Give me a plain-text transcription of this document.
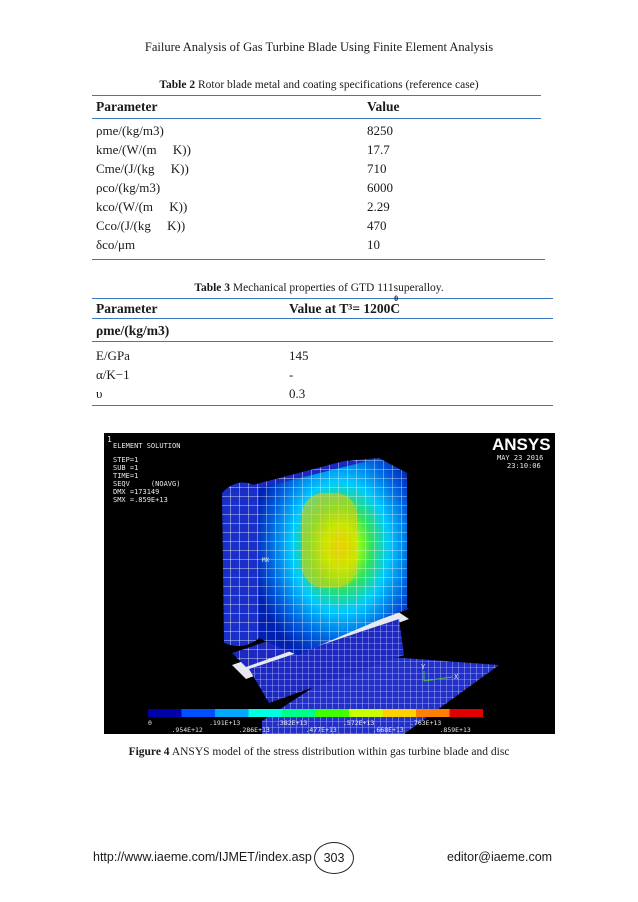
Failure Analysis of Gas Turbine Blade Using Finite Element Analysis
Table 2 Rotor blade metal and coating specifications (reference case)
Parameter	Value
ρme/(kg/m3)	8250
kme/(W/(m     K))	17.7
Cme/(J/(kg     K))	710
ρco/(kg/m3)	6000
kco/(W/(m     K))	2.29
Cco/(J/(kg     K))	470
δco/μm	10
Table 3 Mechanical properties of GTD 111superalloy.
Parameter	Value at T³= 1200C
0
ρme/(kg/m3)
E/GPa	145
α/K−1	-
υ	0.3
1
ELEMENT SOLUTION
STEP=1
SUB =1
TIME=1
SEQV     (NOAVG)
DMX =173149
SMX =.859E+13
ANSYS
MAY 23 2016
23:10:06
MX
Y
X
0	.191E+13	.382E+13	.572E+13	.763E+13
.954E+12	.286E+13	.477E+13	.668E+13	.859E+13
Figure 4 ANSYS model of the stress distribution within gas turbine blade and disc
http://www.iaeme.com/IJMET/index.asp 303	editor@iaeme.com
